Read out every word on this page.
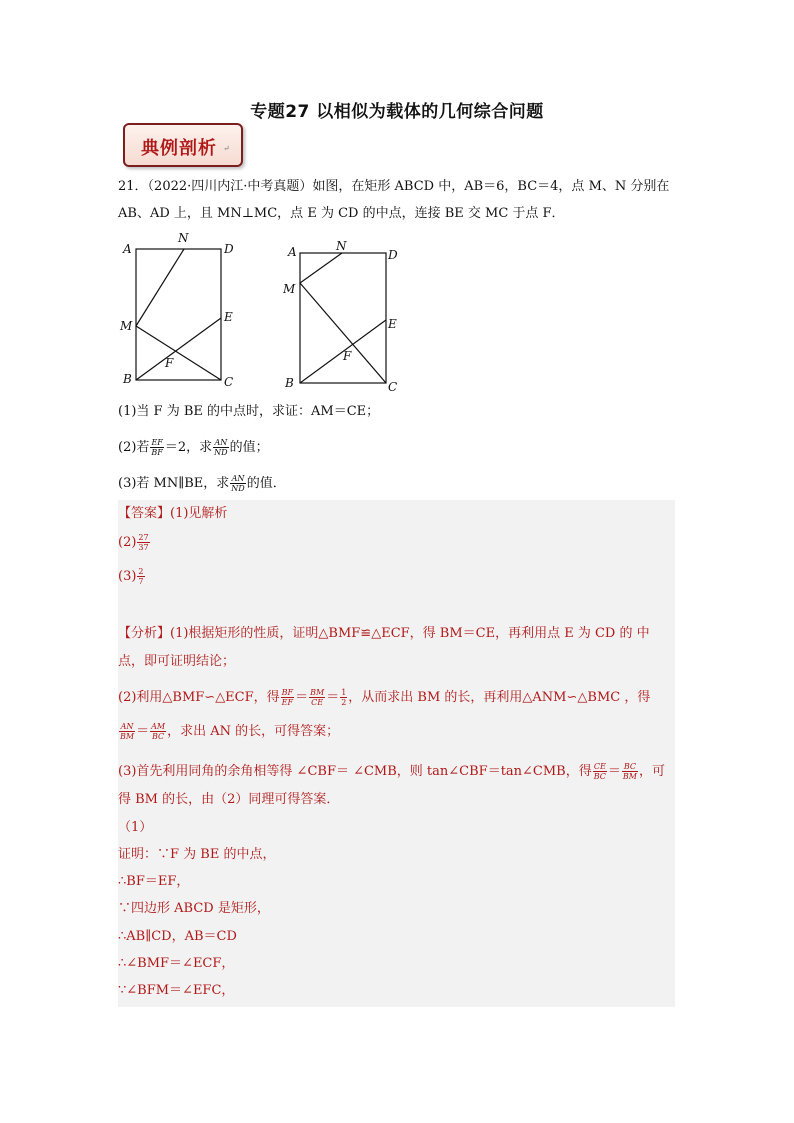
专题27 以相似为载体的几何综合问题
典例剖析 ↵
21．（2022·四川内江·中考真题）如图，在矩形 ABCD 中，AB＝6，BC＝4，点 M、N 分别在
AB、AD 上，且 MN⊥MC，点 E 为 CD 的中点，连接 BE 交 MC 于点 F．
A
N
D
E
M
F
B	C
A	N
D
E
M
F
B	C
(1)当 F 为 BE 的中点时，求证：AM＝CE；
(2)若 $\frac{EF}{BF} =2$，求 $\frac{AN}{ND}$ 的值；
(3)若 MN∥BE，求 $\frac{AN}{ND}$ 的值．
【答案】(1)见解析
$(2) \frac{27}{37}$
$(3) \frac{2}{7}$
【分析】(1)根据矩形的性质，证明△BMF≌△ECF，得 BM＝CE，再利用点 E 为 CD 的 中
点，即可证明结论；
(2)利用△BMF∽△ECF，得 $\frac{BF}{EF} = \frac{BM}{CE} = \frac{1}{2}$ ，从而求出 BM 的长，再利用△ANM∽△BMC ，得
$\frac{AN}{BM} = \frac{AM}{BC}$ ，求出 AN 的长，可得答案；
(3)首先利用同角的余角相等得 ∠CBF＝ ∠CMB，则 tan∠CBF＝tan∠CMB，得 $\frac{CE}{BC} = \frac{BC}{BM}$ ，可
得 BM 的长，由（2）同理可得答案．
（1）
证明：∵F 为 BE 的中点，
∴BF＝EF，
∵四边形 ABCD 是矩形，
∴AB∥CD，AB＝CD
∴∠BMF＝∠ECF，
∵∠BFM＝∠EFC，
